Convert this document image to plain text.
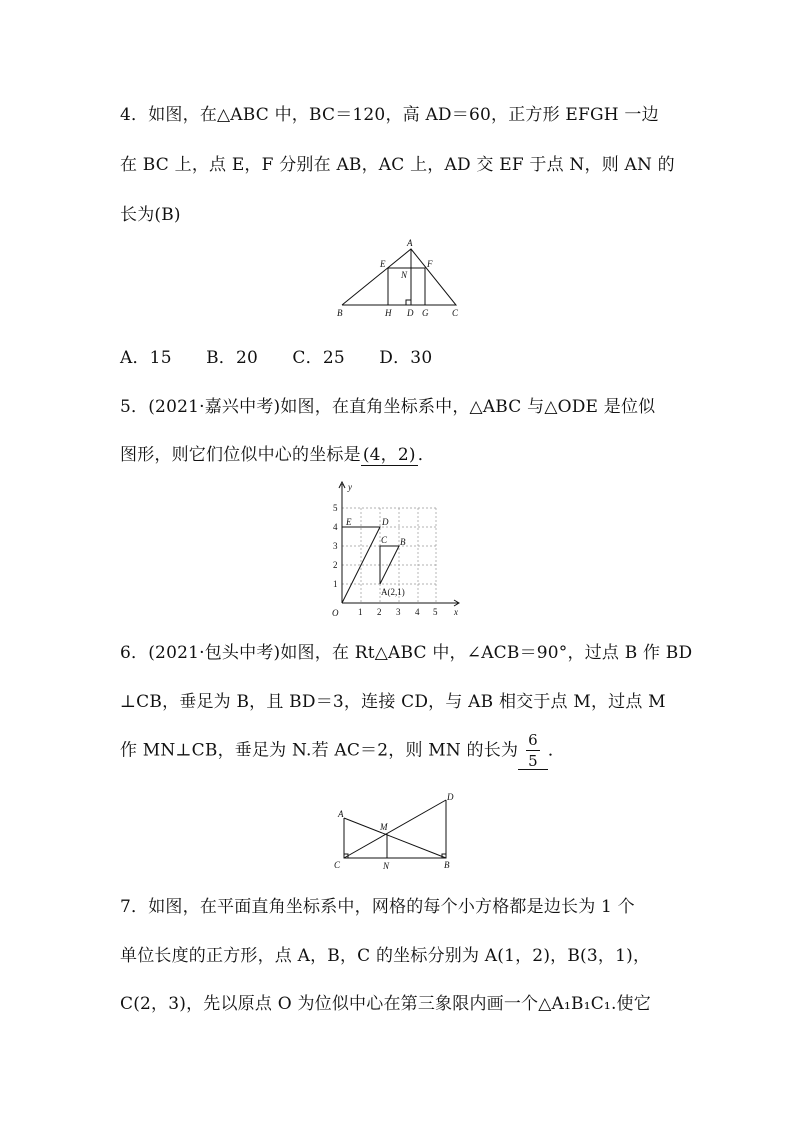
4．如图，在△ABC 中，BC＝120，高 AD＝60，正方形 EFGH 一边
在 BC 上，点 E，F 分别在 AB，AC 上，AD 交 EF 于点 N，则 AN 的
长为(B)
A
B	C
D
E	F
G
H
N
A．15　　B．20　　C．25　　D．30
5．(2021·嘉兴中考)如图，在直角坐标系中，△ABC 与△ODE 是位似
图形，则它们位似中心的坐标是 (4，2) ．
y
x
O
E	D
C B
A(2,1)
1 2 3 4 5
1
2
3
4
5
6．(2021·包头中考)如图，在 Rt△ABC 中，∠ACB＝90°，过点 B 作 BD
⊥CB，垂足为 B，且 BD＝3，连接 CD，与 AB 相交于点 M，过点 M
作 MN⊥CB，垂足为 N.若 AC＝2，则 MN 的长为 $\frac{6}{5}$ ．
A
C	B
D
M
N
7．如图，在平面直角坐标系中，网格的每个小方格都是边长为 1 个
单位长度的正方形，点 A，B，C 的坐标分别为 A(1，2)，B(3，1)，
C(2，3)，先以原点 O 为位似中心在第三象限内画一个△A₁B₁C₁.使它
